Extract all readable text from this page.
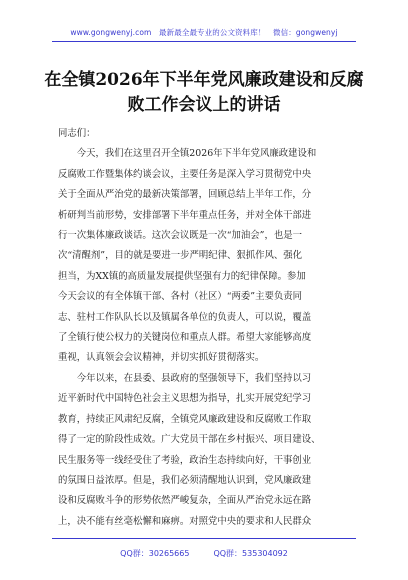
www.gongwenyj.com　最新最全最专业的公文资料库！　微信：gongwenyj
在全镇2026年下半年党风廉政建设和反腐
败工作会议上的讲话

同志们：

今天，我们在这里召开全镇2026年下半年党风廉政建设和
反腐败工作暨集体约谈会议，主要任务是深入学习贯彻党中央
关于全面从严治党的最新决策部署，回顾总结上半年工作，分
析研判当前形势，安排部署下半年重点任务，并对全体干部进
行一次集体廉政谈话。这次会议既是一次“加油会”，也是一
次“清醒剂”，目的就是要进一步严明纪律、狠抓作风、强化
担当，为XX镇的高质量发展提供坚强有力的纪律保障。参加
今天会议的有全体镇干部、各村（社区）“两委”主要负责同
志、驻村工作队队长以及镇属各单位的负责人，可以说，覆盖
了全镇行使公权力的关键岗位和重点人群。希望大家能够高度
重视，认真领会会议精神，并切实抓好贯彻落实。

今年以来，在县委、县政府的坚强领导下，我们坚持以习
近平新时代中国特色社会主义思想为指导，扎实开展党纪学习
教育，持续正风肃纪反腐，全镇党风廉政建设和反腐败工作取
得了一定的阶段性成效。广大党员干部在乡村振兴、项目建设、
民生服务等一线经受住了考验，政治生态持续向好，干事创业
的氛围日益浓厚。但是，我们必须清醒地认识到，党风廉政建
设和反腐败斗争的形势依然严峻复杂，全面从严治党永远在路
上，决不能有丝毫松懈和麻痹。对照党中央的要求和人民群众

QQ群：30265665　　　QQ群：535304092
